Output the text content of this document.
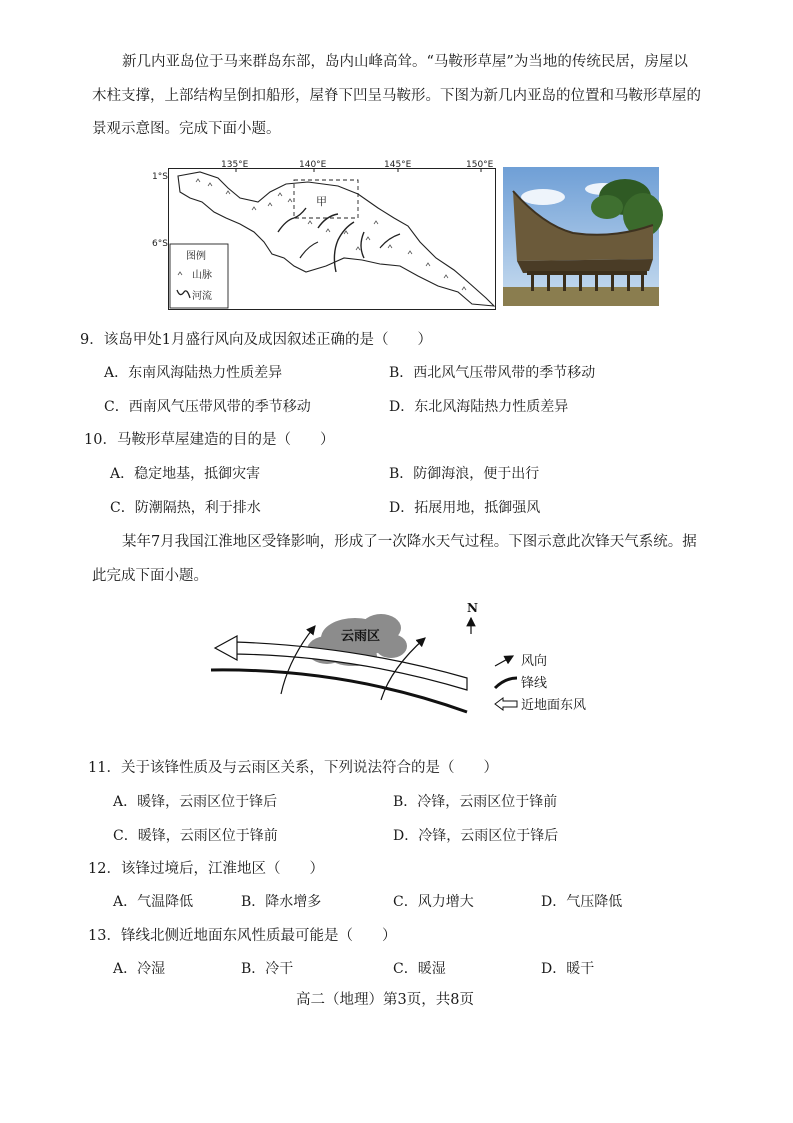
新几内亚岛位于马来群岛东部，岛内山峰高耸。“马鞍形草屋”为当地的传统民居，房屋以
木柱支撑，上部结构呈倒扣船形，屋脊下凹呈马鞍形。下图为新几内亚岛的位置和马鞍形草屋的
景观示意图。完成下面小题。
135°E	140°E	145°E	150°E
1°S
6°S
甲
图例
山脉
河流
9．该岛甲处1月盛行风向及成因叙述正确的是（　　）
A．东南风海陆热力性质差异	B．西北风气压带风带的季节移动
C．西南风气压带风带的季节移动	D．东北风海陆热力性质差异
10．马鞍形草屋建造的目的是（　　）
A．稳定地基，抵御灾害	B．防御海浪，便于出行
C．防潮隔热，利于排水	D．拓展用地，抵御强风
某年7月我国江淮地区受锋影响，形成了一次降水天气过程。下图示意此次锋天气系统。据
此完成下面小题。
N
云雨区
风向
锋线
近地面东风
11．关于该锋性质及与云雨区关系，下列说法符合的是（　　）
A．暖锋，云雨区位于锋后	B．冷锋，云雨区位于锋前
C．暖锋，云雨区位于锋前	D．冷锋，云雨区位于锋后
12．该锋过境后，江淮地区（　　）
A．气温降低	B．降水增多	C．风力增大	D．气压降低
13．锋线北侧近地面东风性质最可能是（　　）
A．冷湿	B．冷干	C．暖湿	D．暖干
高二（地理）第3页，共8页
